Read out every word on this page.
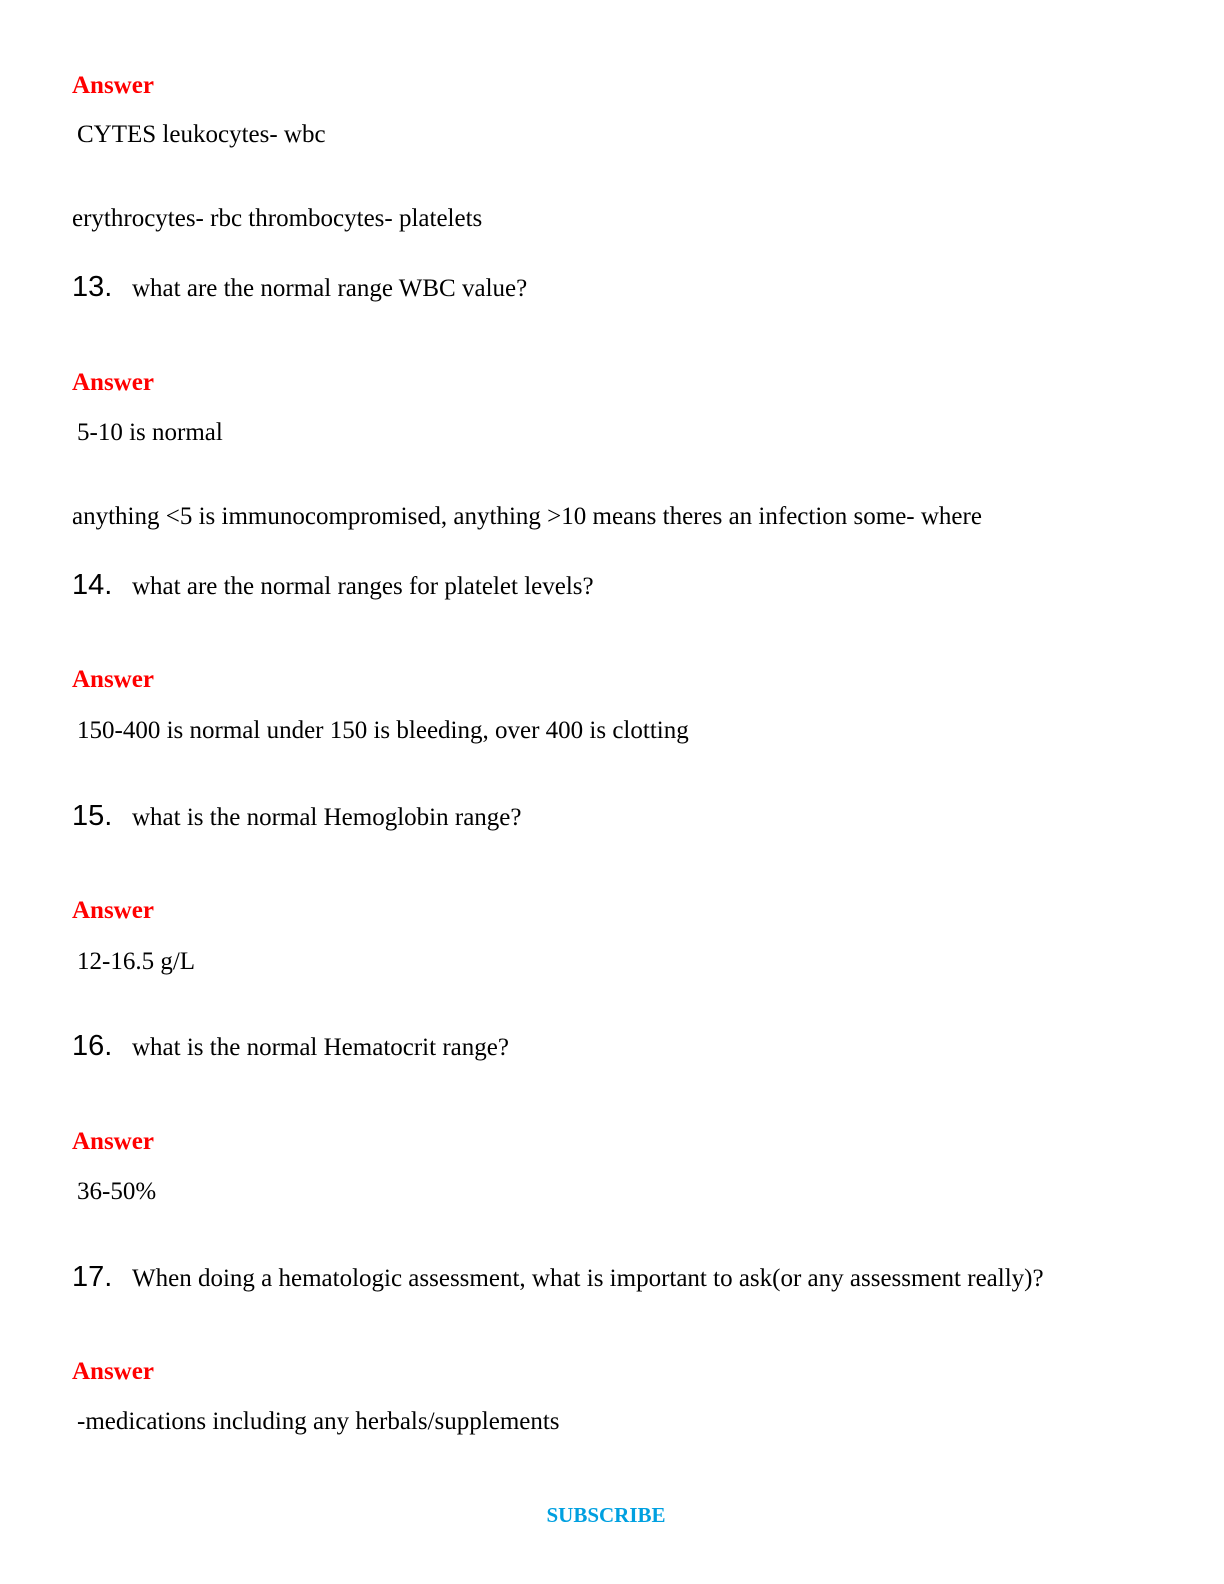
Answer
CYTES leukocytes- wbc
erythrocytes- rbc thrombocytes- platelets
13. what are the normal range WBC value?
Answer
5-10 is normal
anything <5 is immunocompromised, anything >10 means theres an infection some- where
14. what are the normal ranges for platelet levels?
Answer
150-400 is normal under 150 is bleeding, over 400 is clotting
15. what is the normal Hemoglobin range?
Answer
12-16.5 g/L
16. what is the normal Hematocrit range?
Answer
36-50%
17. When doing a hematologic assessment, what is important to ask(or any assessment really)?
Answer
-medications including any herbals/supplements
SUBSCRIBE
